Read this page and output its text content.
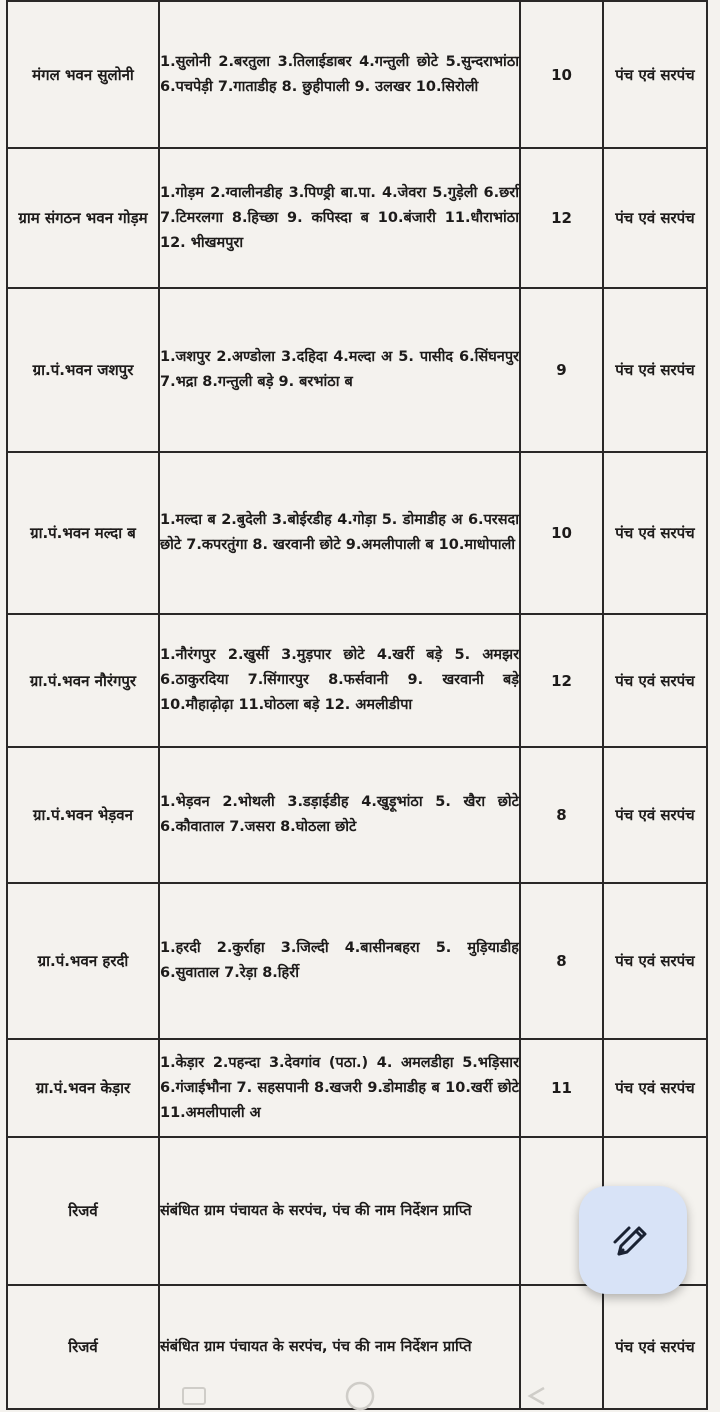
मंगल भवन सुलोनी	1.सुलोनी 2.बरतुला 3.तिलाईडाबर 4.गन्तुली छोटे 5.सुन्दराभांठा 6.पचपेड़ी 7.गाताडीह 8. छुहीपाली 9. उलखर 10.सिरोली	10	पंच एवं सरपंच
ग्राम संगठन भवन गोड़म	1.गोड़म 2.ग्वालीनडीह 3.पिण्ड्री बा.पा. 4.जेवरा 5.गुड़ेली 6.छर्रा 7.टिमरलगा 8.हिच्छा 9. कपिस्दा ब 10.बंजारी 11.धौराभांठा 12. भीखमपुरा	12	पंच एवं सरपंच
ग्रा.पं.भवन जशपुर	1.जशपुर 2.अण्डोला 3.दहिदा 4.मल्दा अ 5. पासीद 6.सिंघनपुर 7.भद्रा 8.गन्तुली बड़े 9. बरभांठा ब	9	पंच एवं सरपंच
ग्रा.पं.भवन मल्दा ब	1.मल्दा ब 2.बुदेली 3.बोईरडीह 4.गोड़ा 5. डोमाडीह अ 6.परसदा छोटे 7.कपरतुंगा 8. खरवानी छोटे 9.अमलीपाली ब 10.माधोपाली	10	पंच एवं सरपंच
ग्रा.पं.भवन नौरंगपुर	1.नौरंगपुर 2.खुर्सी 3.मुड़पार छोटे 4.खर्री बड़े 5. अमझर 6.ठाकुरदिया 7.सिंगारपुर 8.फर्सवानी 9. खरवानी बड़े 10.मौहाढ़ोढ़ा 11.घोठला बड़े 12. अमलीडीपा	12	पंच एवं सरपंच
ग्रा.पं.भवन भेड़वन	1.भेड़वन 2.भोथली 3.डड़ाईडीह 4.खुड़ूभांठा 5. खैरा छोटे 6.कौवाताल 7.जसरा 8.घोठला छोटे	8	पंच एवं सरपंच
ग्रा.पं.भवन हरदी	1.हरदी 2.कुर्राहा 3.जिल्दी 4.बासीनबहरा 5. मुड़ियाडीह 6.सुवाताल 7.रेड़ा 8.हिर्री	8	पंच एवं सरपंच
ग्रा.पं.भवन केड़ार	1.केड़ार 2.पहन्दा 3.देवगांव (पठा.) 4. अमलडीहा 5.भड़िसार 6.गंजाईभौना 7. सहसपानी 8.खजरी 9.डोमाडीह ब 10.खर्री छोटे 11.अमलीपाली अ	11	पंच एवं सरपंच
रिजर्व	संबंधित ग्राम पंचायत के सरपंच, पंच की नाम निर्देशन प्राप्ति		
रिजर्व	संबंधित ग्राम पंचायत के सरपंच, पंच की नाम निर्देशन प्राप्ति		पंच एवं सरपंच
